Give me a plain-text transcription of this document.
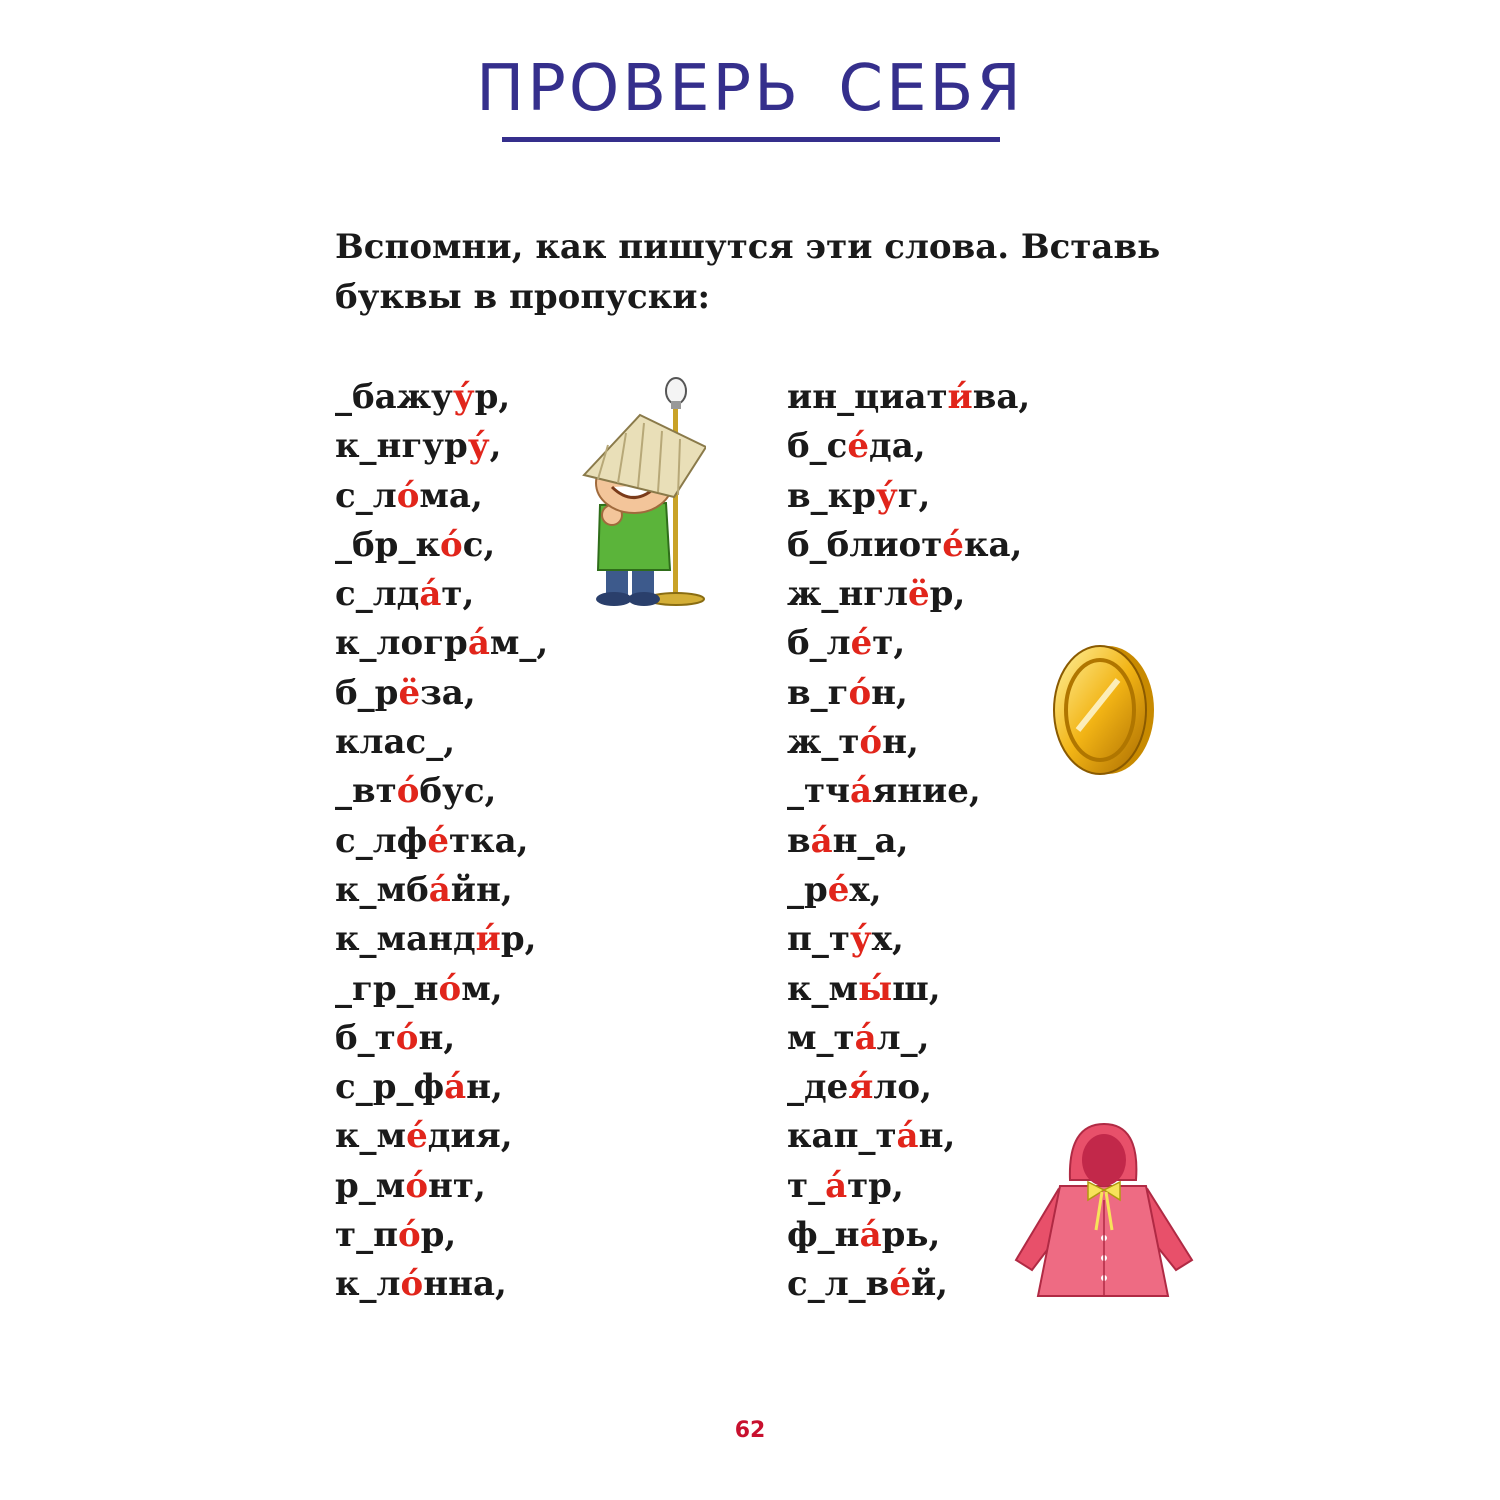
ПРОВЕРЬ СЕБЯ

Вспомни, как пишутся эти слова. Вставь буквы в пропуски:

_бажуу́р,
к_нгуру́,
с_ло́ма,
_бр_ко́с,
с_лда́т,
к_логра́м_,
б_рёза,
клас_,
_вто́бус,
с_лфе́тка,
к_мба́йн,
к_манди́р,
_гр_но́м,
б_то́н,
с_р_фа́н,
к_ме́дия,
р_мо́нт,
т_по́р,
к_ло́нна,
ин_циати́ва,
б_се́да,
в_кру́г,
б_блиоте́ка,
ж_нглёр,
б_ле́т,
в_го́н,
ж_то́н,
_тча́яние,
ва́н_а,
_ре́х,
п_ту́х,
к_мы́ш,
м_та́л_,
_дея́ло,
кап_та́н,
т_а́тр,
ф_на́рь,
с_л_ве́й,
62
